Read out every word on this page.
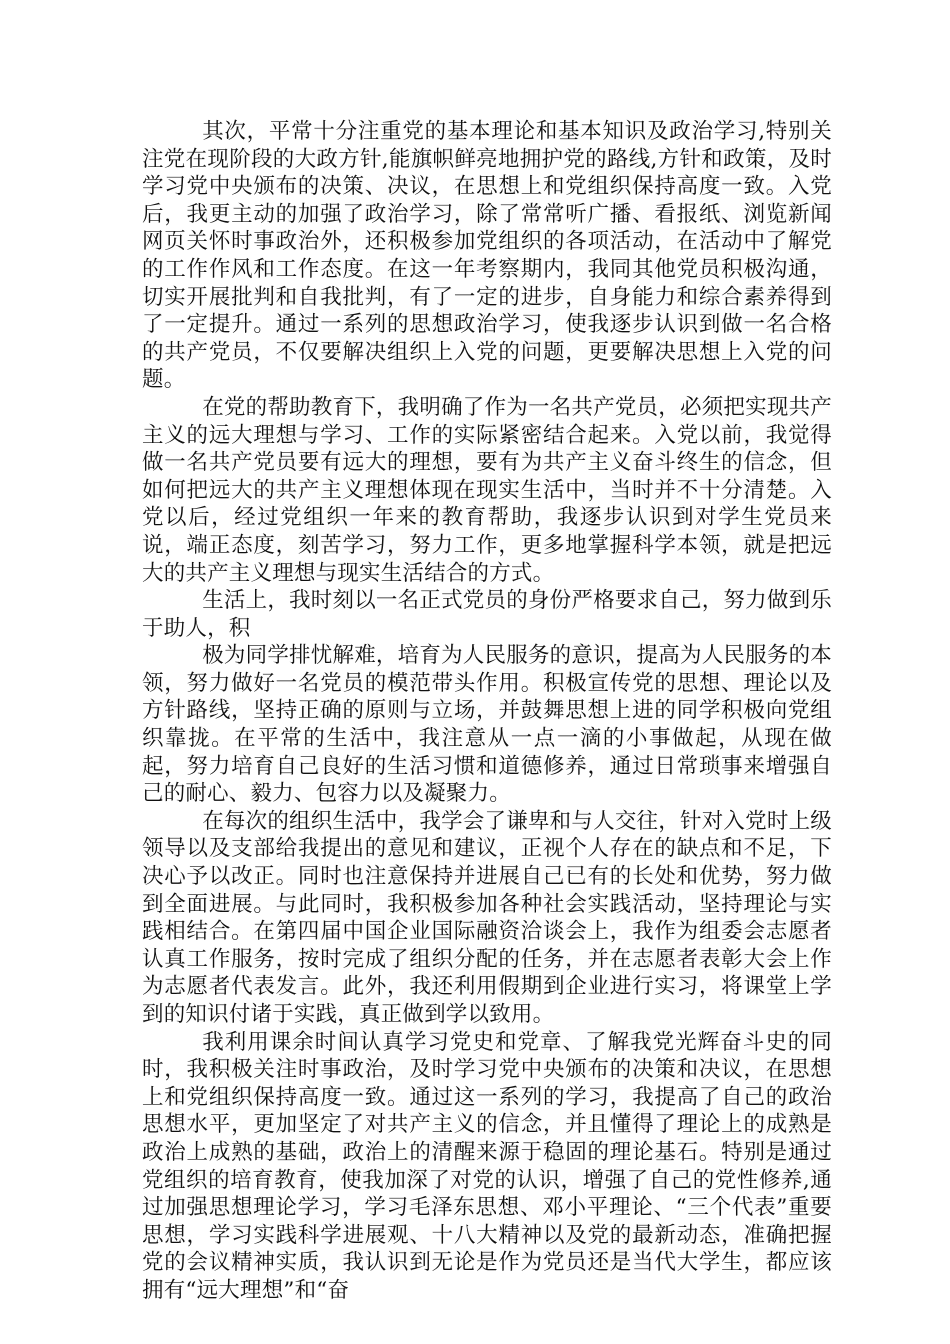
其次，平常十分注重党的基本理论和基本知识及政治学习,特别关注党在现阶段的大政方针,能旗帜鲜亮地拥护党的路线,方针和政策，及时学习党中央颁布的决策、决议，在思想上和党组织保持高度一致。入党后，我更主动的加强了政治学习，除了常常听广播、看报纸、浏览新闻网页关怀时事政治外，还积极参加党组织的各项活动，在活动中了解党的工作作风和工作态度。在这一年考察期内，我同其他党员积极沟通，切实开展批判和自我批判，有了一定的进步，自身能力和综合素养得到了一定提升。通过一系列的思想政治学习，使我逐步认识到做一名合格的共产党员，不仅要解决组织上入党的问题，更要解决思想上入党的问题。

在党的帮助教育下，我明确了作为一名共产党员，必须把实现共产主义的远大理想与学习、工作的实际紧密结合起来。入党以前，我觉得做一名共产党员要有远大的理想，要有为共产主义奋斗终生的信念，但如何把远大的共产主义理想体现在现实生活中，当时并不十分清楚。入党以后，经过党组织一年来的教育帮助，我逐步认识到对学生党员来说，端正态度，刻苦学习，努力工作，更多地掌握科学本领，就是把远大的共产主义理想与现实生活结合的方式。

生活上，我时刻以一名正式党员的身份严格要求自己，努力做到乐于助人，积

极为同学排忧解难，培育为人民服务的意识，提高为人民服务的本领，努力做好一名党员的模范带头作用。积极宣传党的思想、理论以及方针路线，坚持正确的原则与立场，并鼓舞思想上进的同学积极向党组织靠拢。在平常的生活中，我注意从一点一滴的小事做起，从现在做起，努力培育自己良好的生活习惯和道德修养，通过日常琐事来增强自己的耐心、毅力、包容力以及凝聚力。

在每次的组织生活中，我学会了谦卑和与人交往，针对入党时上级领导以及支部给我提出的意见和建议，正视个人存在的缺点和不足，下决心予以改正。同时也注意保持并进展自己已有的长处和优势，努力做到全面进展。与此同时，我积极参加各种社会实践活动，坚持理论与实践相结合。在第四届中国企业国际融资洽谈会上，我作为组委会志愿者认真工作服务，按时完成了组织分配的任务，并在志愿者表彰大会上作为志愿者代表发言。此外，我还利用假期到企业进行实习，将课堂上学到的知识付诸于实践，真正做到学以致用。

我利用课余时间认真学习党史和党章、了解我党光辉奋斗史的同时，我积极关注时事政治，及时学习党中央颁布的决策和决议，在思想上和党组织保持高度一致。通过这一系列的学习，我提高了自己的政治思想水平，更加坚定了对共产主义的信念，并且懂得了理论上的成熟是政治上成熟的基础，政治上的清醒来源于稳固的理论基石。特别是通过党组织的培育教育，使我加深了对党的认识，增强了自己的党性修养,通过加强思想理论学习，学习毛泽东思想、邓小平理论、“三个代表”重要思想，学习实践科学进展观、十八大精神以及党的最新动态，准确把握党的会议精神实质，我认识到无论是作为党员还是当代大学生，都应该拥有“远大理想”和“奋
